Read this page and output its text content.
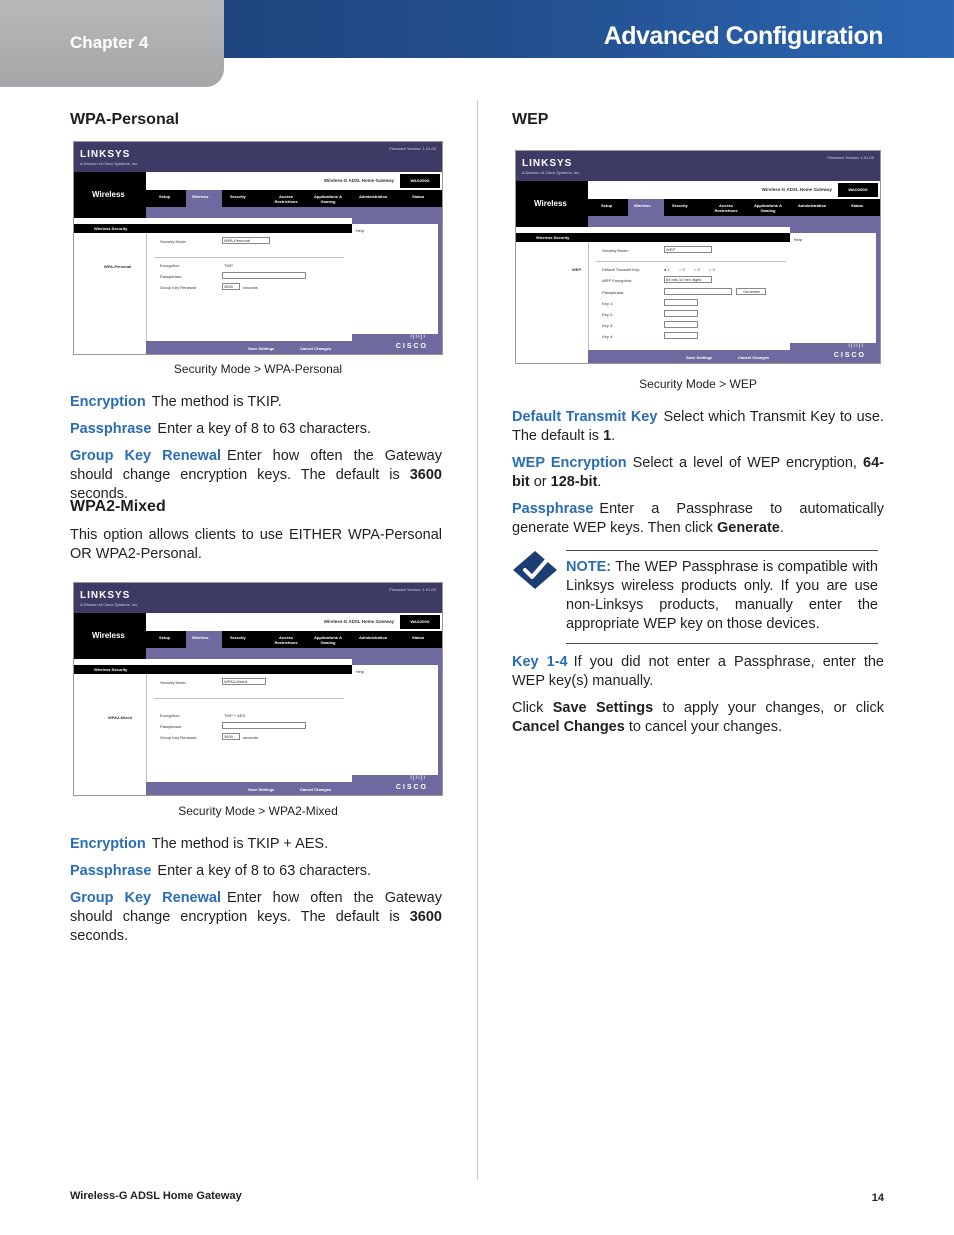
Chapter 4	Advanced Configuration
WPA-Personal
LINKSYS
A Division of Cisco Systems, Inc.
Firmware Version: 1.01.00
Wireless
Wireless-G ADSL Home Gateway	WAG200G
Setup	Wireless	Security	Access Restrictions
Applications & Gaming
Administration	Status
Wireless Security	Help
WPA-Personal
Security Mode:	WPA-Personal
Encryption:	TKIP
Passphrase:
Group Key Renewal:	3600	seconds
Save Settings	Cancel Changes
ı|ıı|ı
CISCO
Security Mode > WPA-Personal

Encryption The method is TKIP.

Passphrase Enter a key of 8 to 63 characters.

Group Key Renewal Enter how often the Gateway should change encryption keys. The default is 3600 seconds.

WPA2-Mixed

This option allows clients to use EITHER WPA-Personal OR WPA2-Personal.

LINKSYS
A Division of Cisco Systems, Inc.
Firmware Version: 1.01.00
Wireless
Wireless-G ADSL Home Gateway	WAG200G
Setup	Wireless	Security	Access Restrictions
Applications & Gaming
Administration	Status
Wireless Security	Help
WPA2-Mixed
Security Mode:	WPA2-Mixed
Encryption:	TKIP + AES
Passphrase:
Group Key Renewal:	3600	seconds
Save Settings	Cancel Changes
ı|ıı|ı
CISCO
Security Mode > WPA2-Mixed

Encryption The method is TKIP + AES.

Passphrase Enter a key of 8 to 63 characters.

Group Key Renewal Enter how often the Gateway should change encryption keys. The default is 3600 seconds.

WEP
LINKSYS
A Division of Cisco Systems, Inc.
Firmware Version: 1.01.00
Wireless
Wireless-G ADSL Home Gateway	WAG200G
Setup	Wireless	Security	Access Restrictions
Applications & Gaming
Administration	Status
Wireless Security	Help
WEP
Security Mode:	WEP
Default Transmit Key:	● 1 ○ 2 ○ 3 ○ 4
WEP Encryption:	64 bits 10 hex digits
Passphrase:	Generate
Key 1:
Key 2:
Key 3:
Key 4:
Save Settings	Cancel Changes
ı|ıı|ı
CISCO
Security Mode > WEP

Default Transmit Key Select which Transmit Key to use. The default is 1.

WEP Encryption Select a level of WEP encryption, 64-bit or 128-bit.

Passphrase Enter a Passphrase to automatically generate WEP keys. Then click Generate.

NOTE: The WEP Passphrase is compatible with Linksys wireless products only. If you are use non-Linksys products, manually enter the appropriate WEP key on those devices.

Key 1-4 If you did not enter a Passphrase, enter the WEP key(s) manually.

Click Save Settings to apply your changes, or click Cancel Changes to cancel your changes.

Wireless-G ADSL Home Gateway	14
